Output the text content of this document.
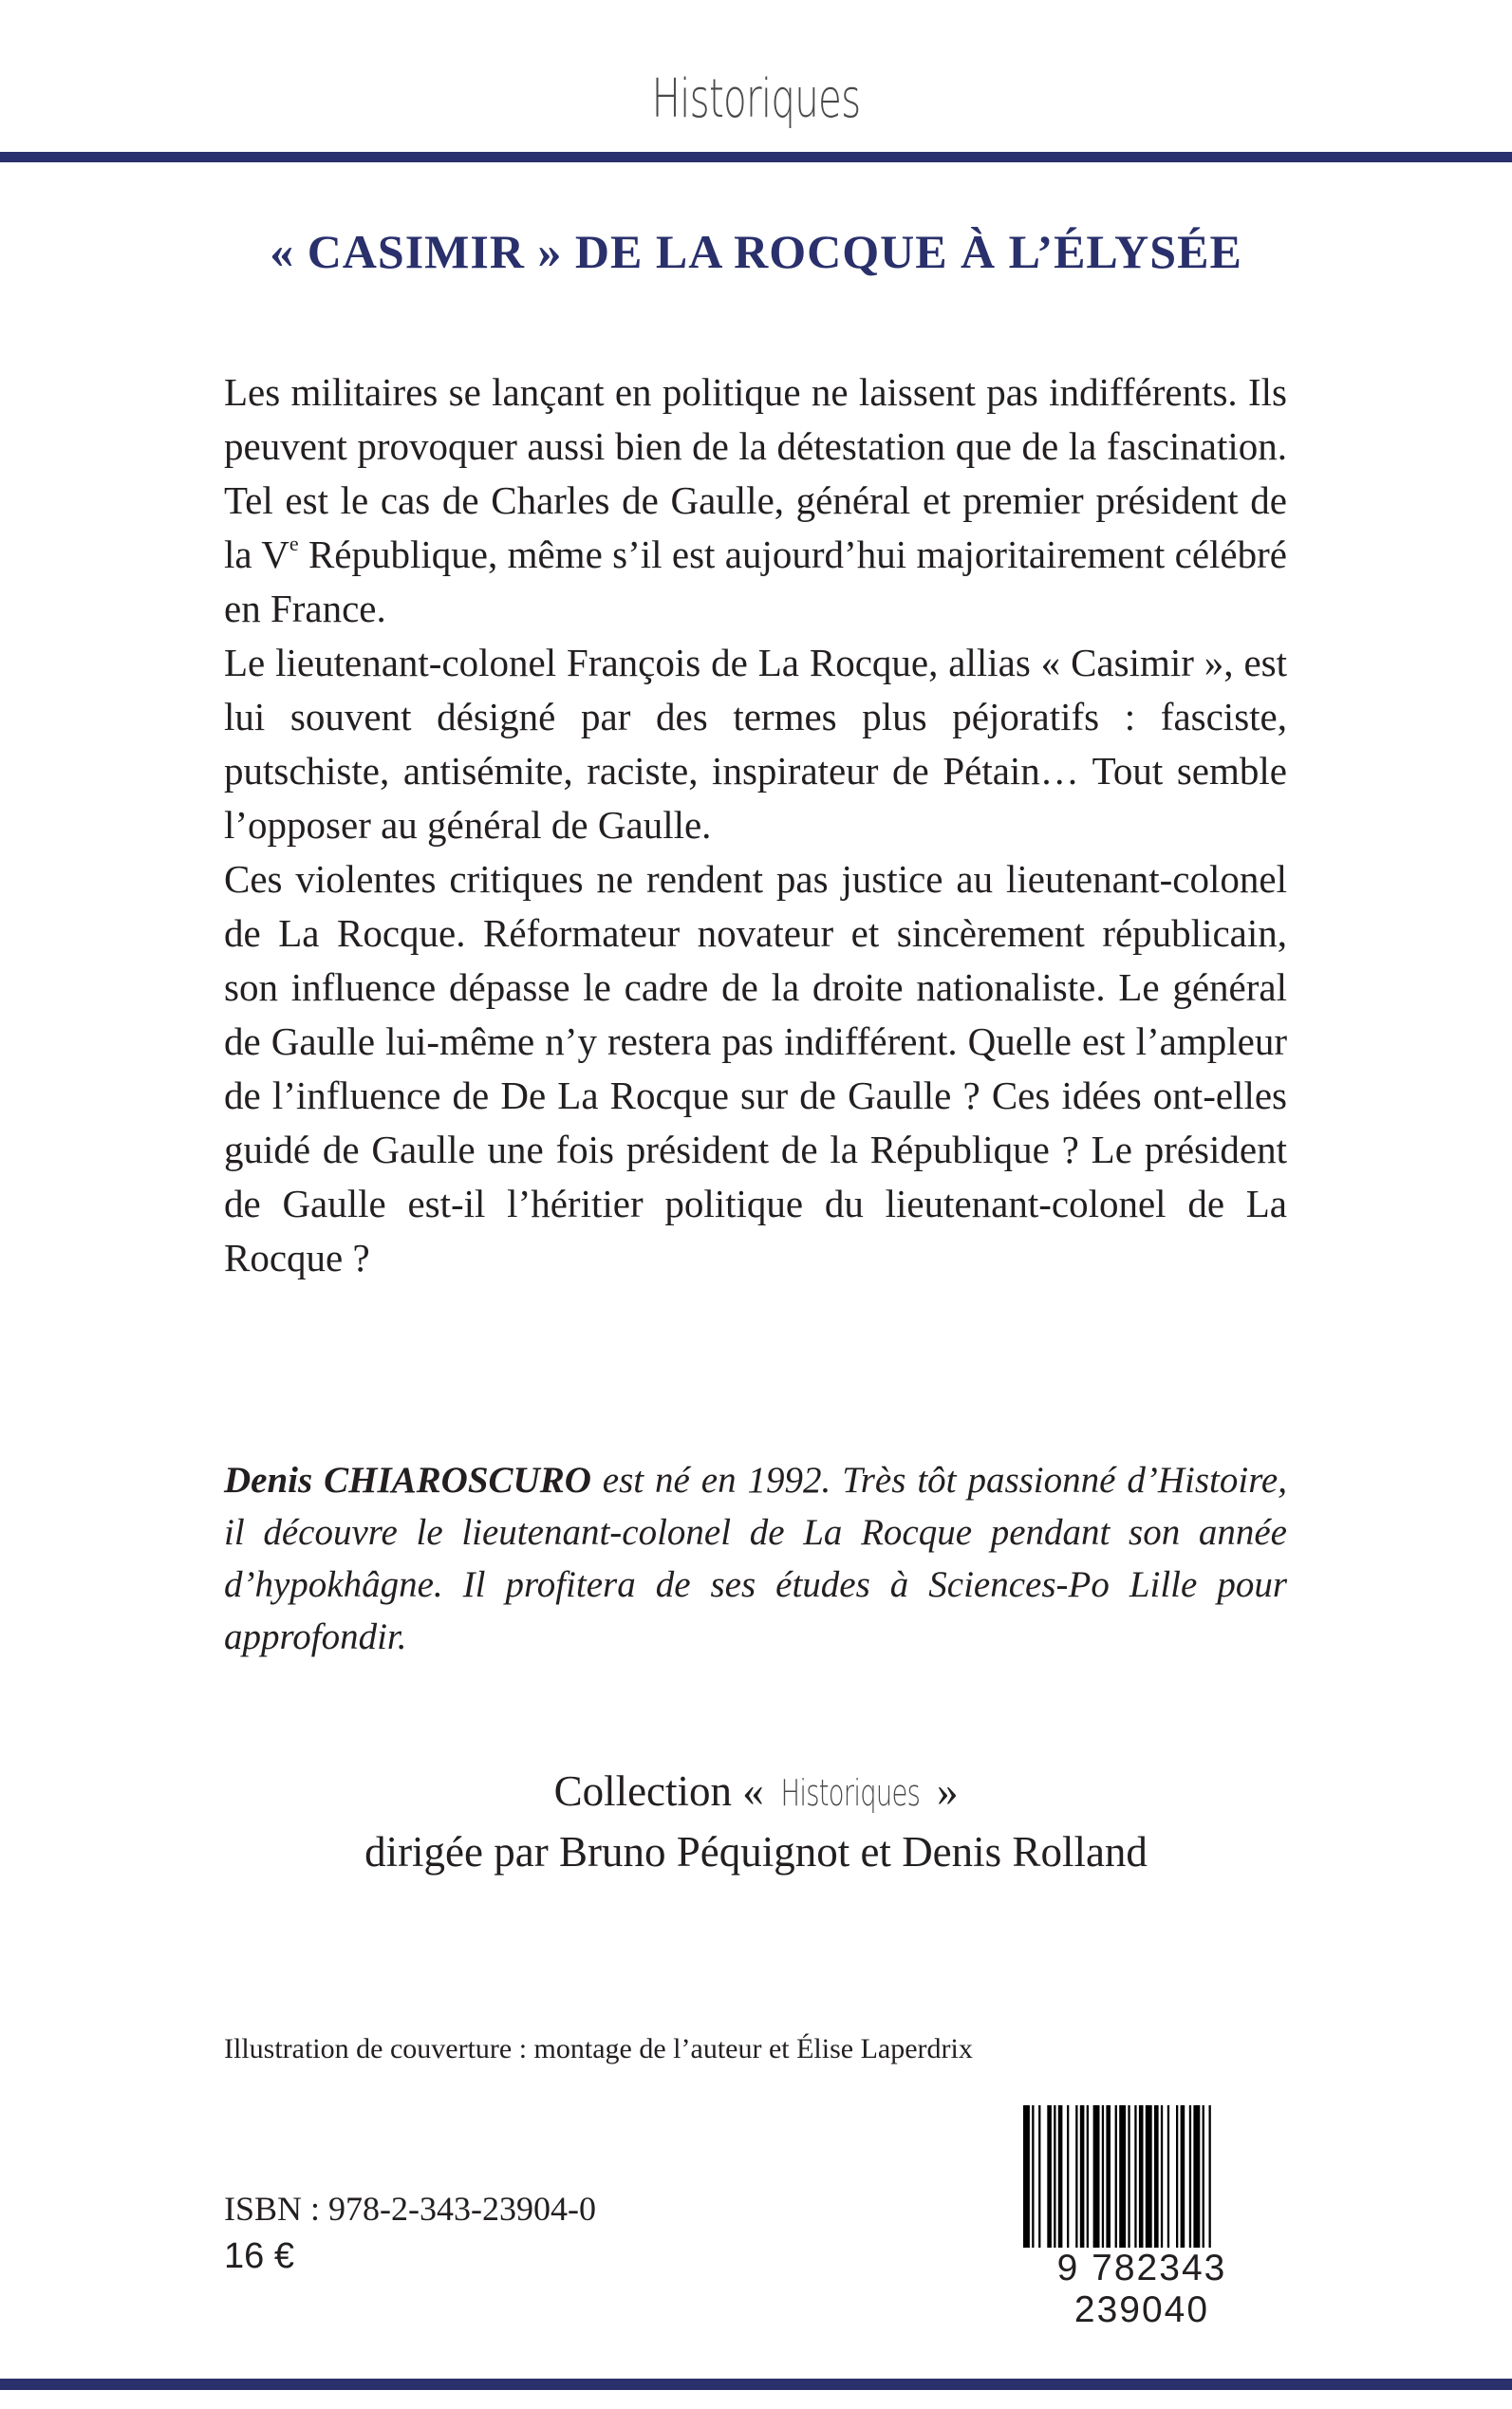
Historiques
« CASIMIR » DE LA ROCQUE À L’ÉLYSÉE

Les militaires se lançant en politique ne laissent pas indifférents. Ils peuvent provoquer aussi bien de la détestation que de la fascination. Tel est le cas de Charles de Gaulle, général et premier président de la Ve République, même s’il est aujourd’hui majoritairement célébré en France.

Le lieutenant-colonel François de La Rocque, allias « Casimir », est lui souvent désigné par des termes plus péjoratifs : fasciste, putschiste, antisémite, raciste, inspirateur de Pétain… Tout semble l’opposer au général de Gaulle.

Ces violentes critiques ne rendent pas justice au lieutenant-colonel de La Rocque. Réformateur novateur et sincèrement républicain, son influence dépasse le cadre de la droite nationaliste. Le général de Gaulle lui-même n’y restera pas indifférent. Quelle est l’ampleur de l’influence de De La Rocque sur de Gaulle ? Ces idées ont-elles guidé de Gaulle une fois président de la République ? Le président de Gaulle est-il l’héritier politique du lieutenant-colonel de La Rocque ?

Denis CHIAROSCURO est né en 1992. Très tôt passionné d’Histoire, il découvre le lieutenant-colonel de La Rocque pendant son année d’hypokhâgne. Il profitera de ses études à Sciences-Po Lille pour approfondir.
Collection « Historiques »
dirigée par Bruno Péquignot et Denis Rolland
Illustration de couverture : montage de l’auteur et Élise Laperdrix
ISBN : 978-2-343-23904-0
16 €	9 782343 239040
